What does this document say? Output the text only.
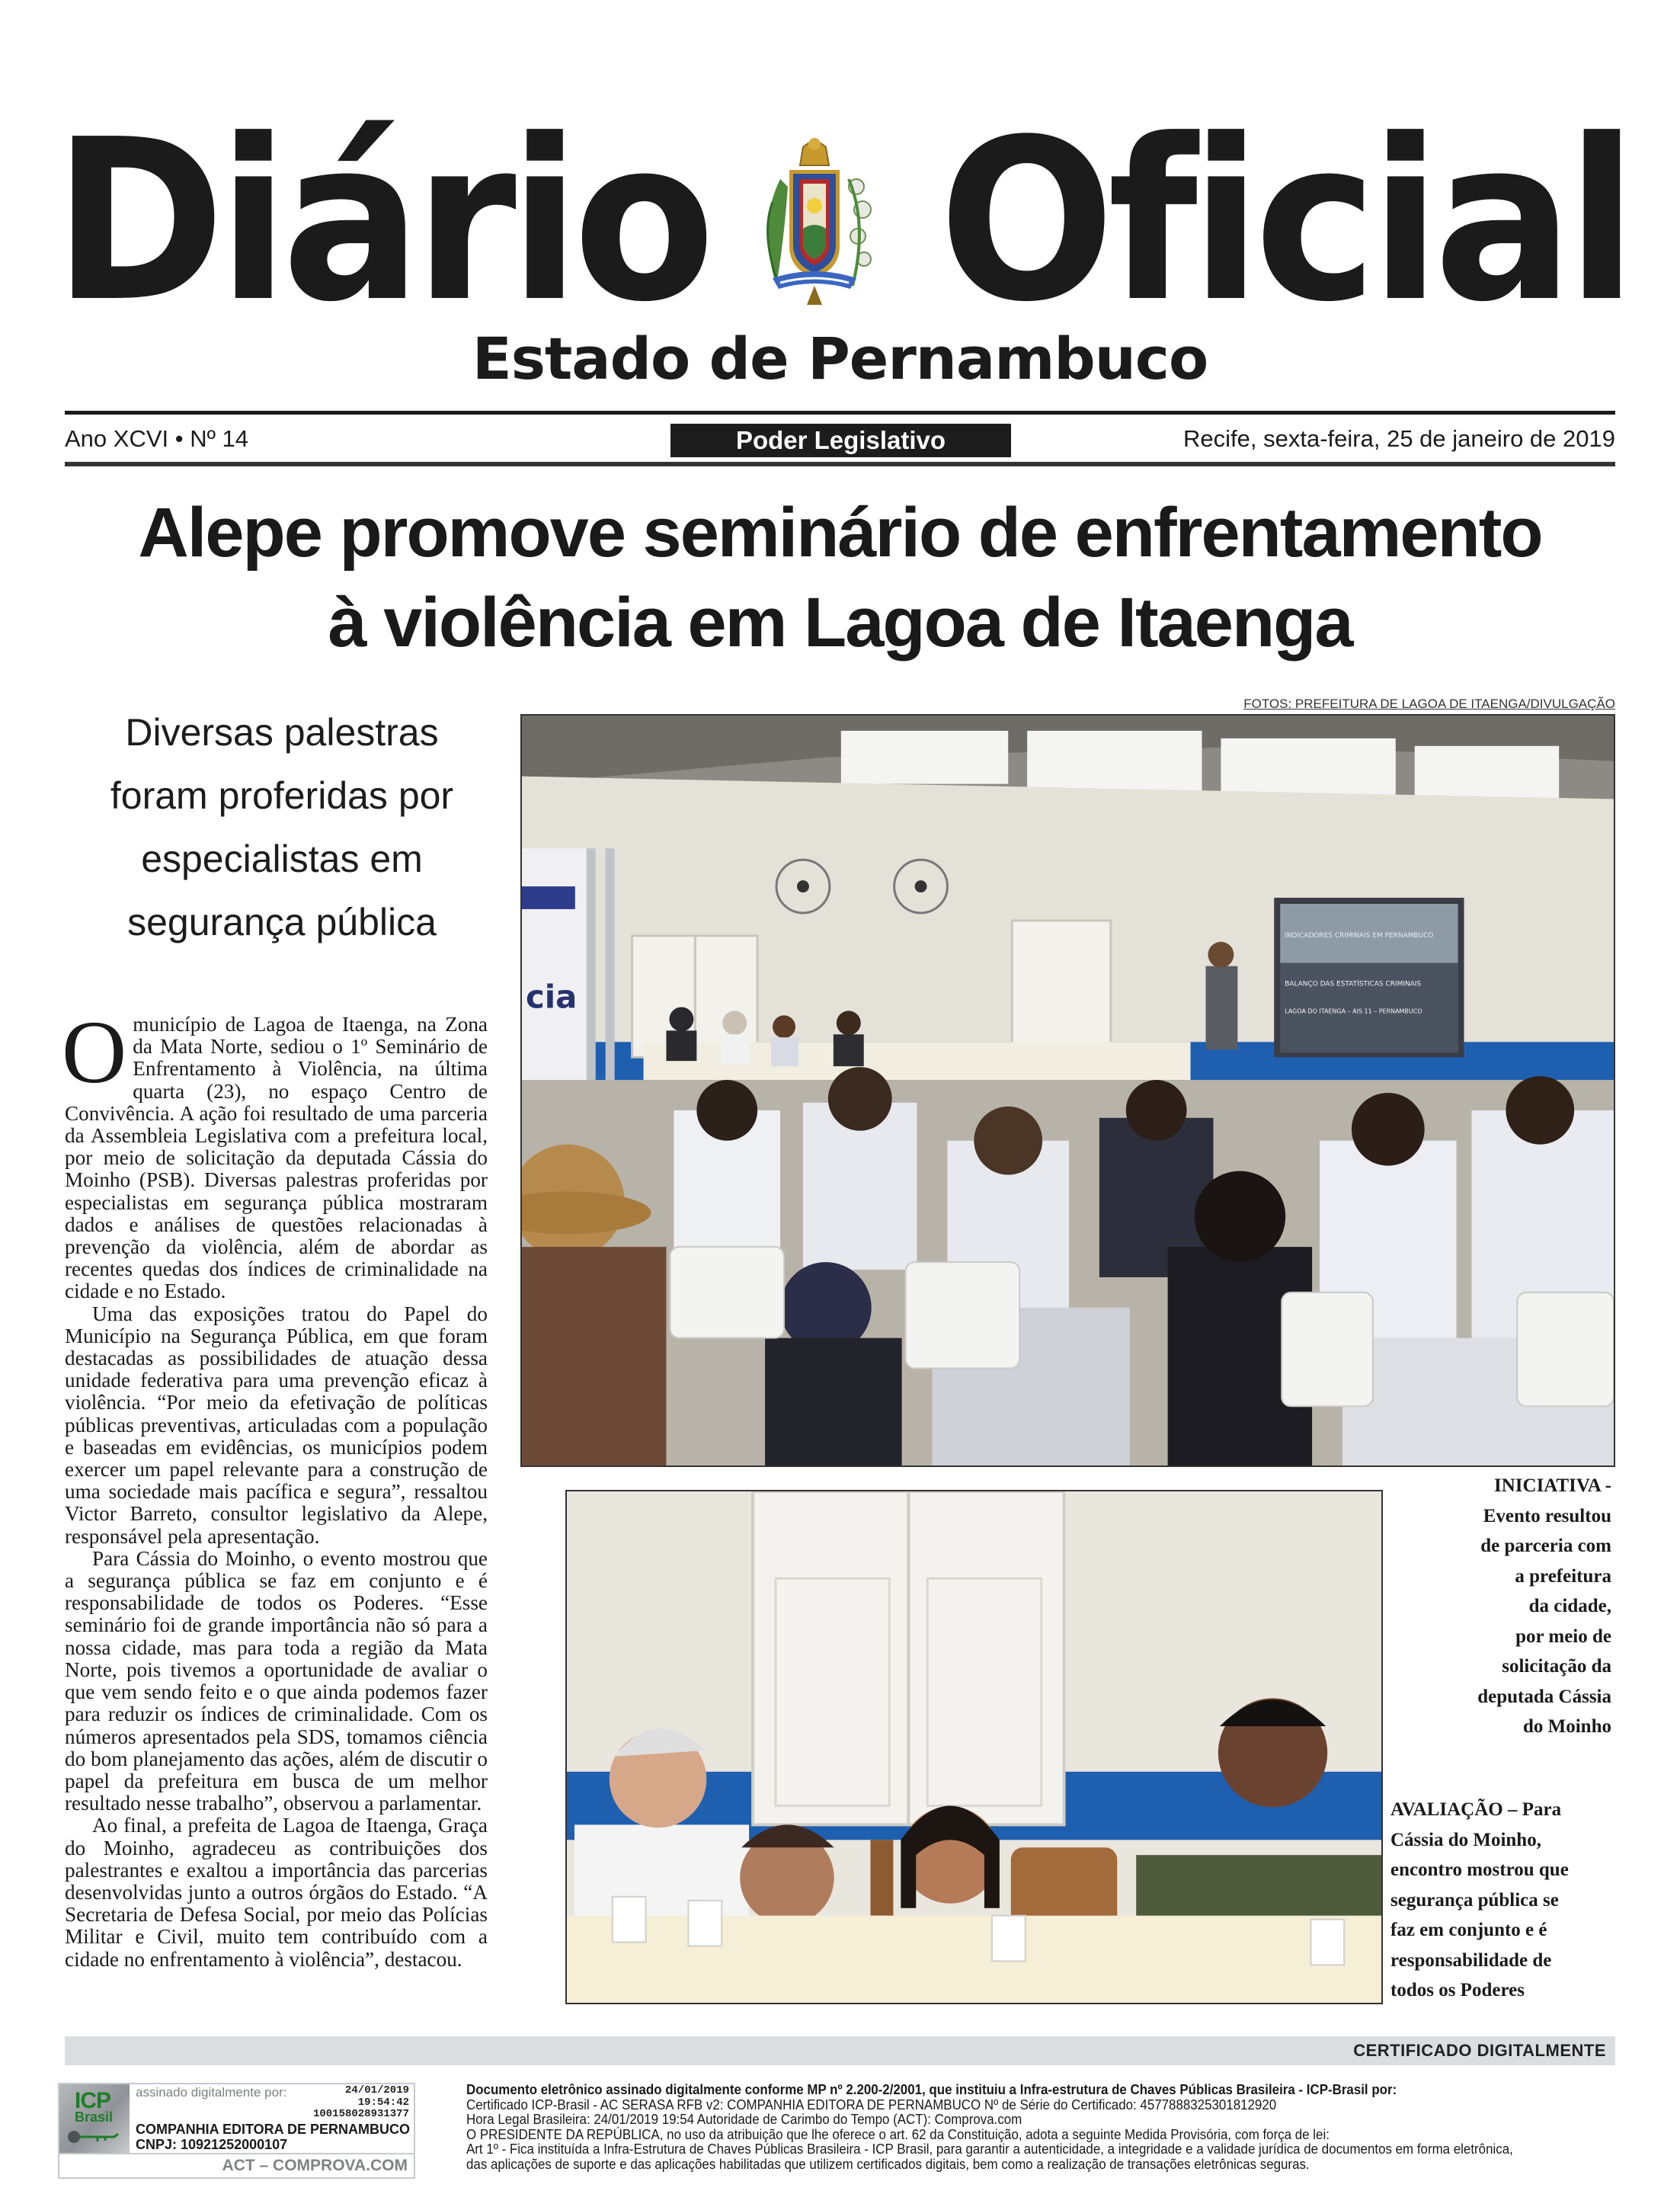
Diário Oficial
Estado de Pernambuco
Ano XCVI • Nº 14	Poder Legislativo	Recife, sexta-feira, 25 de janeiro de 2019
Alepe promove seminário de enfrentamento
à violência em Lagoa de Itaenga
Diversas palestras
foram proferidas por
especialistas em
segurança pública

O município de Lagoa de Itaenga, na Zona da Mata Norte, sediou o 1º Seminário de Enfrentamento à Violência, na última quarta (23), no espaço Centro de Convivência. A ação foi resultado de uma parceria da Assembleia Legislativa com a prefeitura local, por meio de solicitação da deputada Cássia do Moinho (PSB). Diversas palestras proferidas por especialistas em segurança pública mostraram dados e análises de questões relacionadas à prevenção da violência, além de abordar as recentes quedas dos índices de criminalidade na cidade e no Estado.

Uma das exposições tratou do Papel do Município na Segurança Pública, em que foram destacadas as possibilidades de atuação dessa unidade federativa para uma prevenção eficaz à violência. “Por meio da efetivação de políticas públicas preventivas, articuladas com a população e baseadas em evidências, os municípios podem exercer um papel relevante para a construção de uma sociedade mais pacífica e segura”, ressaltou Victor Barreto, consultor legislativo da Alepe, responsável pela apresentação.

Para Cássia do Moinho, o evento mostrou que a segurança pública se faz em conjunto e é responsabilidade de todos os Poderes. “Esse seminário foi de grande importância não só para a nossa cidade, mas para toda a região da Mata Norte, pois tivemos a oportunidade de avaliar o que vem sendo feito e o que ainda podemos fazer para reduzir os índices de criminalidade. Com os números apresentados pela SDS, tomamos ciência do bom planejamento das ações, além de discutir o papel da prefeitura em busca de um melhor resultado nesse trabalho”, observou a parlamentar.

Ao final, a prefeita de Lagoa de Itaenga, Graça do Moinho, agradeceu as contribuições dos palestrantes e exaltou a importância das parcerias desenvolvidas junto a outros órgãos do Estado. “A Secretaria de Defesa Social, por meio das Polícias Militar e Civil, muito tem contribuído com a cidade no enfrentamento à violência”, destacou.

FOTOS: PREFEITURA DE LAGOA DE ITAENGA/DIVULGAÇÃO
cia
INDICADORES CRIMINAIS EM PERNAMBUCO
BALANÇO DAS ESTATÍSTICAS CRIMINAIS
LAGOA DO ITAENGA – AIS 11 – PERNAMBUCO
INICIATIVA -
Evento resultou
de parceria com
a prefeitura
da cidade,
por meio de
solicitação da
deputada Cássia
do Moinho
AVALIAÇÃO – Para
Cássia do Moinho,
encontro mostrou que
segurança pública se
faz em conjunto e é
responsabilidade de
todos os Poderes
CERTIFICADO DIGITALMENTE
ICP
Brasil
assinado digitalmente por:	24/01/2019
19:54:42
100158028931377
COMPANHIA EDITORA DE PERNAMBUCO
CNPJ: 10921252000107
ACT – COMPROVA.COM
Documento eletrônico assinado digitalmente conforme MP nº 2.200-2/2001, que instituiu a Infra-estrutura de Chaves Públicas Brasileira - ICP-Brasil por:
Certificado ICP-Brasil - AC SERASA RFB v2: COMPANHIA EDITORA DE PERNAMBUCO Nº de Série do Certificado: 4577888325301812920
Hora Legal Brasileira: 24/01/2019 19:54 Autoridade de Carimbo do Tempo (ACT): Comprova.com
O PRESIDENTE DA REPÚBLICA, no uso da atribuição que lhe oferece o art. 62 da Constituição, adota a seguinte Medida Provisória, com força de lei:
Art 1º - Fica instituída a Infra-Estrutura de Chaves Públicas Brasileira - ICP Brasil, para garantir a autenticidade, a integridade e a validade jurídica de documentos em forma eletrônica,
das aplicações de suporte e das aplicações habilitadas que utilizem certificados digitais, bem como a realização de transações eletrônicas seguras.
